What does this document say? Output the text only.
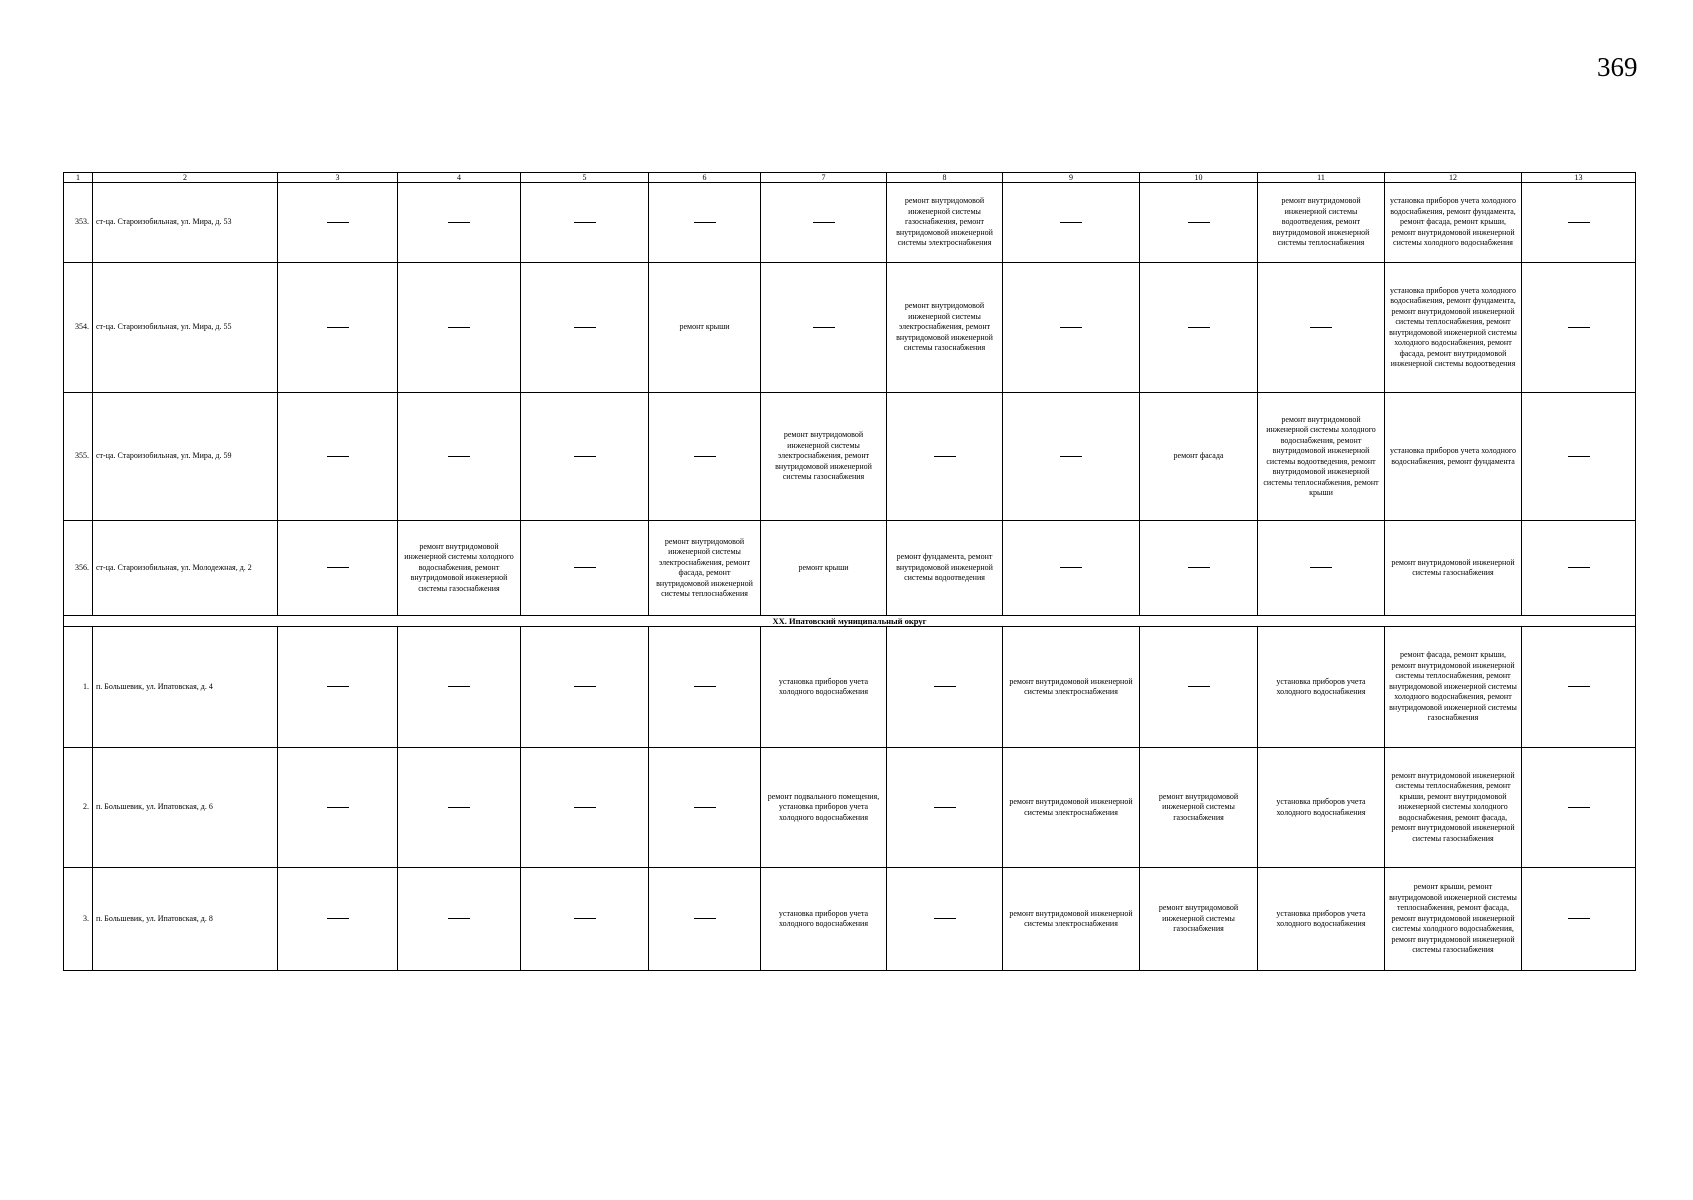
369
1	2	3	4	5	6	7	8	9	10	11	12	13
353.	ст-ца. Староизобильная, ул. Мира, д. 53						ремонт внутридомовой инженерной системы газоснабжения, ремонт внутридомовой инженерной системы электроснабжения			ремонт внутридомовой инженерной системы водоотведения, ремонт внутридомовой инженерной системы теплоснабжения	установка приборов учета холодного водоснабжения, ремонт фундамента, ремонт фасада, ремонт крыши, ремонт внутридомовой инженерной системы холодного водоснабжения	
354.	ст-ца. Староизобильная, ул. Мира, д. 55				ремонт крыши		ремонт внутридомовой инженерной системы электроснабжения, ремонт внутридомовой инженерной системы газоснабжения				установка приборов учета холодного водоснабжения, ремонт фундамента, ремонт внутридомовой инженерной системы теплоснабжения, ремонт внутридомовой инженерной системы холодного водоснабжения, ремонт фасада, ремонт внутридомовой инженерной системы водоотведения	
355.	ст-ца. Староизобильная, ул. Мира, д. 59					ремонт внутридомовой инженерной системы электроснабжения, ремонт внутридомовой инженерной системы газоснабжения			ремонт фасада	ремонт внутридомовой инженерной системы холодного водоснабжения, ремонт внутридомовой инженерной системы водоотведения, ремонт внутридомовой инженерной системы теплоснабжения, ремонт крыши	установка приборов учета холодного водоснабжения, ремонт фундамента	
356.	ст-ца. Староизобильная, ул. Молодежная, д. 2		ремонт внутридомовой инженерной системы холодного водоснабжения, ремонт внутридомовой инженерной системы газоснабжения		ремонт внутридомовой инженерной системы электроснабжения, ремонт фасада, ремонт внутридомовой инженерной системы теплоснабжения	ремонт крыши	ремонт фундамента, ремонт внутридомовой инженерной системы водоотведения				ремонт внутридомовой инженерной системы газоснабжения	
XX. Ипатовский муниципальный округ												
1.	п. Большевик, ул. Ипатовская, д. 4					установка приборов учета холодного водоснабжения		ремонт внутридомовой инженерной системы электроснабжения		установка приборов учета холодного водоснабжения	ремонт фасада, ремонт крыши, ремонт внутридомовой инженерной системы теплоснабжения, ремонт внутридомовой инженерной системы холодного водоснабжения, ремонт внутридомовой инженерной системы газоснабжения	
2.	п. Большевик, ул. Ипатовская, д. 6					ремонт подвального помещения, установка приборов учета холодного водоснабжения		ремонт внутридомовой инженерной системы электроснабжения	ремонт внутридомовой инженерной системы газоснабжения	установка приборов учета холодного водоснабжения	ремонт внутридомовой инженерной системы теплоснабжения, ремонт крыши, ремонт внутридомовой инженерной системы холодного водоснабжения, ремонт фасада, ремонт внутридомовой инженерной системы газоснабжения	
3.	п. Большевик, ул. Ипатовская, д. 8					установка приборов учета холодного водоснабжения		ремонт внутридомовой инженерной системы электроснабжения	ремонт внутридомовой инженерной системы газоснабжения	установка приборов учета холодного водоснабжения	ремонт крыши, ремонт внутридомовой инженерной системы теплоснабжения, ремонт фасада, ремонт внутридомовой инженерной системы холодного водоснабжения, ремонт внутридомовой инженерной системы газоснабжения	
